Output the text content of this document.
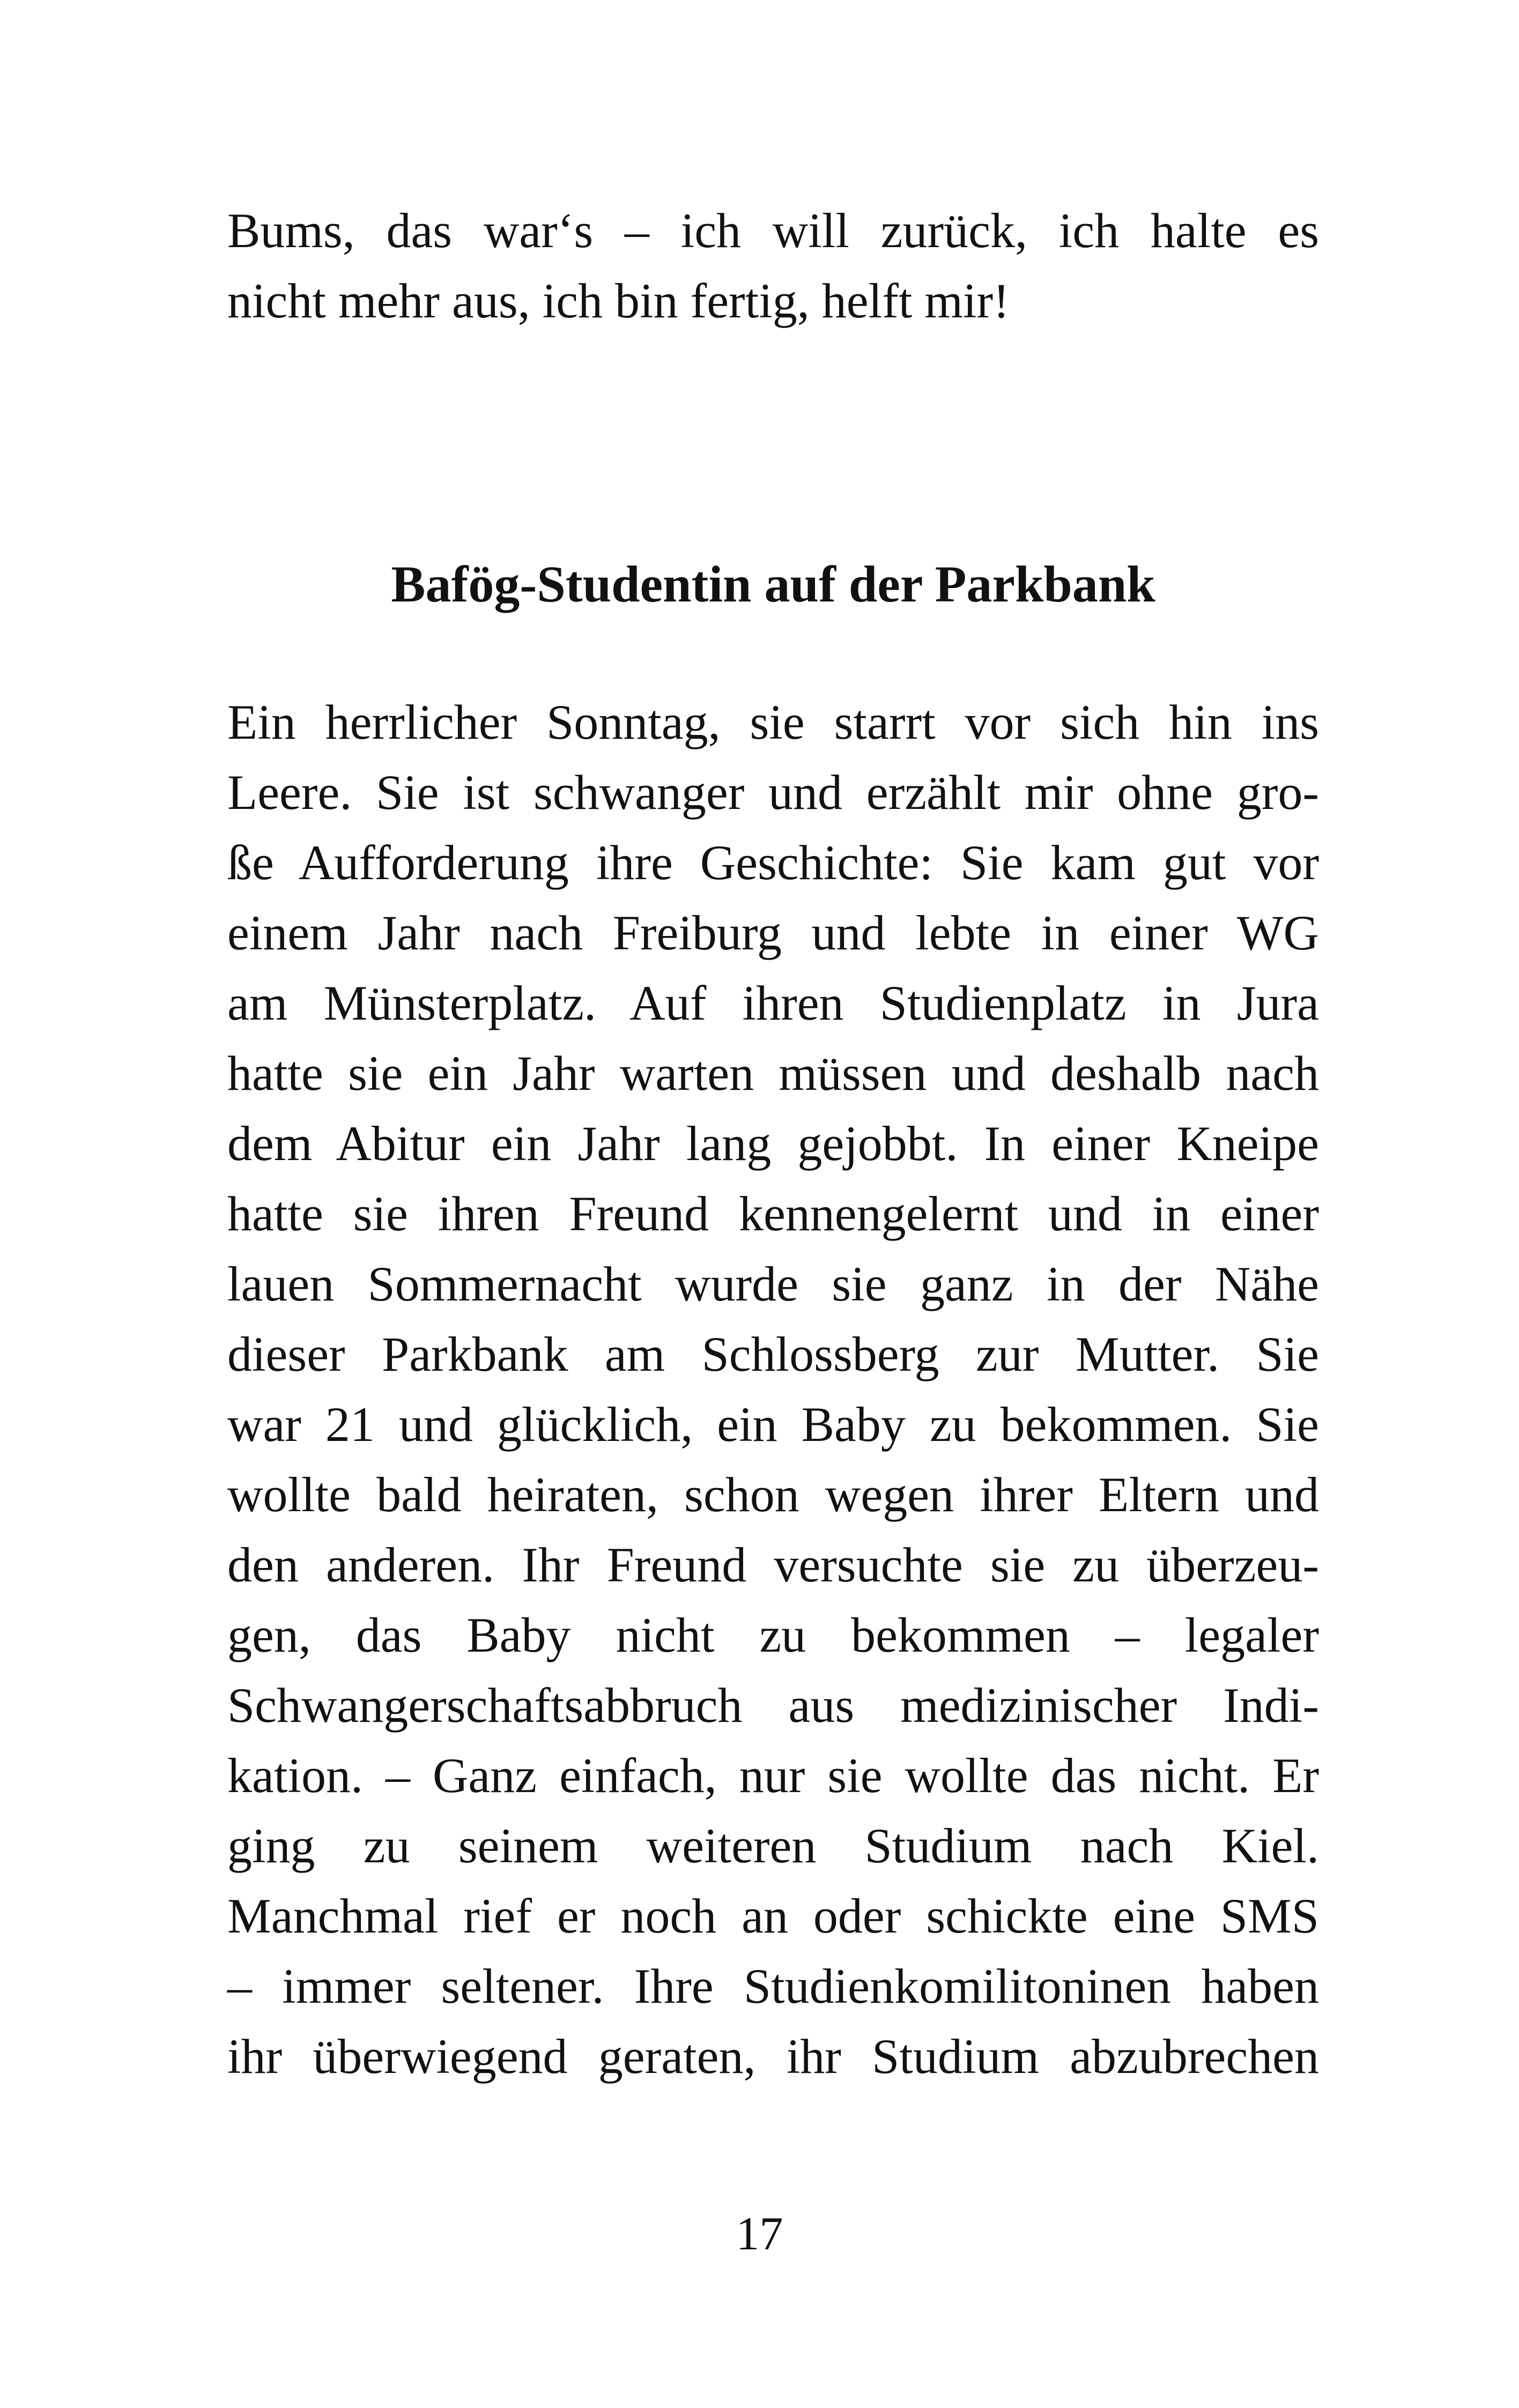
Bums, das war‘s – ich will zurück, ich halte es
nicht mehr aus, ich bin fertig, helft mir!
Bafög-Studentin auf der Parkbank
Ein herrlicher Sonntag, sie starrt vor sich hin ins
Leere. Sie ist schwanger und erzählt mir ohne gro-
ße Aufforderung ihre Geschichte: Sie kam gut vor
einem Jahr nach Freiburg und lebte in einer WG
am Münsterplatz. Auf ihren Studienplatz in Jura
hatte sie ein Jahr warten müssen und deshalb nach
dem Abitur ein Jahr lang gejobbt. In einer Kneipe
hatte sie ihren Freund kennengelernt und in einer
lauen Sommernacht wurde sie ganz in der Nähe
dieser Parkbank am Schlossberg zur Mutter. Sie
war 21 und glücklich, ein Baby zu bekommen. Sie
wollte bald heiraten, schon wegen ihrer Eltern und
den anderen. Ihr Freund versuchte sie zu überzeu-
gen, das Baby nicht zu bekommen – legaler
Schwangerschaftsabbruch aus medizinischer Indi-
kation. – Ganz einfach, nur sie wollte das nicht. Er
ging zu seinem weiteren Studium nach Kiel.
Manchmal rief er noch an oder schickte eine SMS
– immer seltener. Ihre Studienkomilitoninen haben
ihr überwiegend geraten, ihr Studium abzubrechen
17
